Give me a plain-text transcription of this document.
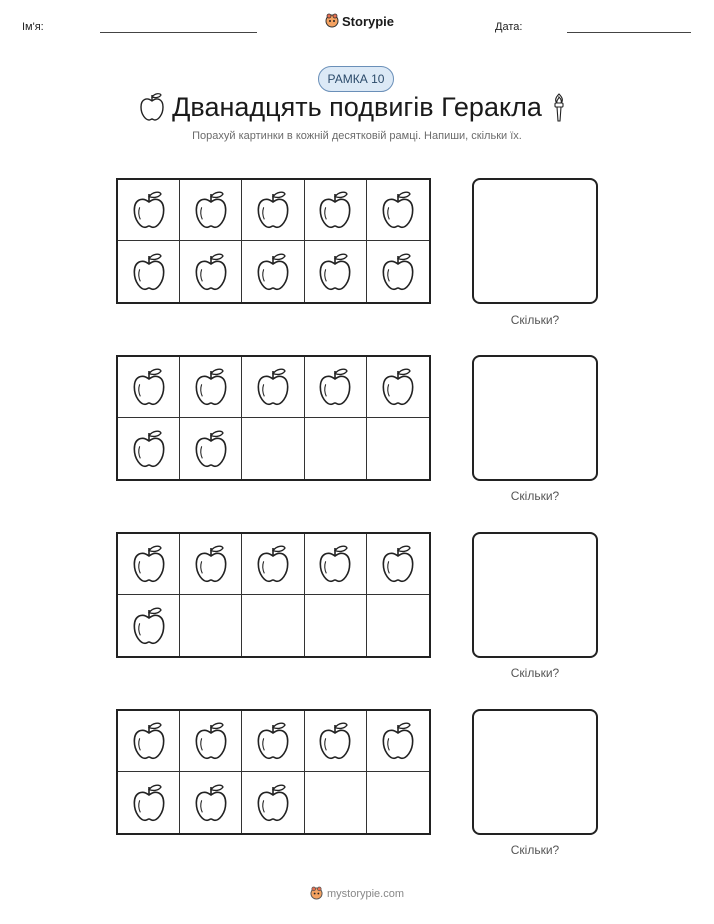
Ім'я:	Storypie	Дата:
РАМКА 10
Дванадцять подвигів Геракла
Порахуй картинки в кожній десятковій рамці. Напиши, скільки їх.
Скільки?
Скільки?
Скільки?
Скільки?
mystorypie.com
